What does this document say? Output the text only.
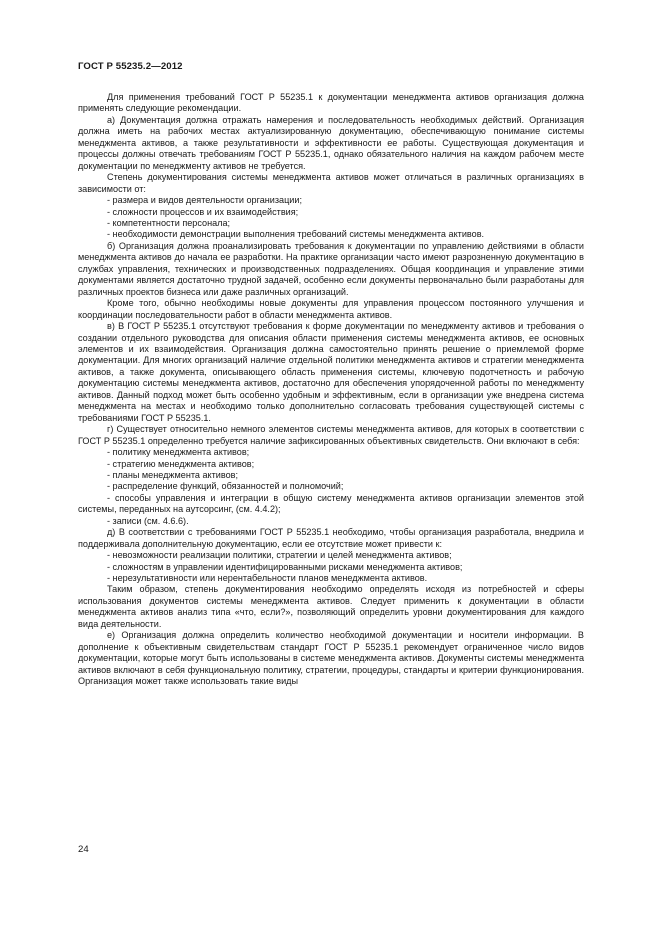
ГОСТ Р 55235.2—2012

Для применения требований ГОСТ Р 55235.1 к документации менеджмента активов организация должна применять следующие рекомендации.

а) Документация должна отражать намерения и последовательность необходимых действий. Организация должна иметь на рабочих местах актуализированную документацию, обеспечивающую понимание системы менеджмента активов, а также результативности и эффективности ее работы. Существующая документация и процессы должны отвечать требованиям ГОСТ Р 55235.1, однако обязательного наличия на каждом рабочем месте документации по менеджменту активов не требуется.

Степень документирования системы менеджмента активов может отличаться в различных организациях в зависимости от:

- размера и видов деятельности организации;

- сложности процессов и их взаимодействия;

- компетентности персонала;

- необходимости демонстрации выполнения требований системы менеджмента активов.

б) Организация должна проанализировать требования к документации по управлению действиями в области менеджмента активов до начала ее разработки. На практике организации часто имеют разрозненную документацию в службах управления, технических и производственных подразделениях. Общая координация и управление этими документами является достаточно трудной задачей, особенно если документы первоначально были разработаны для различных проектов бизнеса или даже различных организаций.

Кроме того, обычно необходимы новые документы для управления процессом постоянного улучшения и координации последовательности работ в области менеджмента активов.

в) В ГОСТ Р 55235.1 отсутствуют требования к форме документации по менеджменту активов и требования о создании отдельного руководства для описания области применения системы менеджмента активов, ее основных элементов и их взаимодействия. Организация должна самостоятельно принять решение о приемлемой форме документации. Для многих организаций наличие отдельной политики менеджмента активов и стратегии менеджмента активов, а также документа, описывающего область применения системы, ключевую подотчетность и рабочую документацию системы менеджмента активов, достаточно для обеспечения упорядоченной работы по менеджменту активов. Данный подход может быть особенно удобным и эффективным, если в организации уже внедрена система менеджмента на местах и необходимо только дополнительно согласовать требования существующей системы с требованиями ГОСТ Р 55235.1.

г) Существует относительно немного элементов системы менеджмента активов, для которых в соответствии с ГОСТ Р 55235.1 определенно требуется наличие зафиксированных объективных свидетельств. Они включают в себя:

- политику менеджмента активов;

- стратегию менеджмента активов;

- планы менеджмента активов;

- распределение функций, обязанностей и полномочий;

- способы управления и интеграции в общую систему менеджмента активов организации элементов этой системы, переданных на аутсорсинг, (см. 4.4.2);

- записи (см. 4.6.6).

д) В соответствии с требованиями ГОСТ Р 55235.1 необходимо, чтобы организация разработала, внедрила и поддерживала дополнительную документацию, если ее отсутствие может привести к:

- невозможности реализации политики, стратегии и целей менеджмента активов;

- сложностям в управлении идентифицированными рисками менеджмента активов;

- нерезультативности или нерентабельности планов менеджмента активов.

Таким образом, степень документирования необходимо определять исходя из потребностей и сферы использования документов системы менеджмента активов. Следует применить к документации в области менеджмента активов анализ типа «что, если?», позволяющий определить уровни документирования для каждого вида деятельности.

е) Организация должна определить количество необходимой документации и носители информации. В дополнение к объективным свидетельствам стандарт ГОСТ Р 55235.1 рекомендует ограниченное число видов документации, которые могут быть использованы в системе менеджмента активов. Документы системы менеджмента активов включают в себя функциональную политику, стратегии, процедуры, стандарты и критерии функционирования. Организация может также использовать такие виды

24
